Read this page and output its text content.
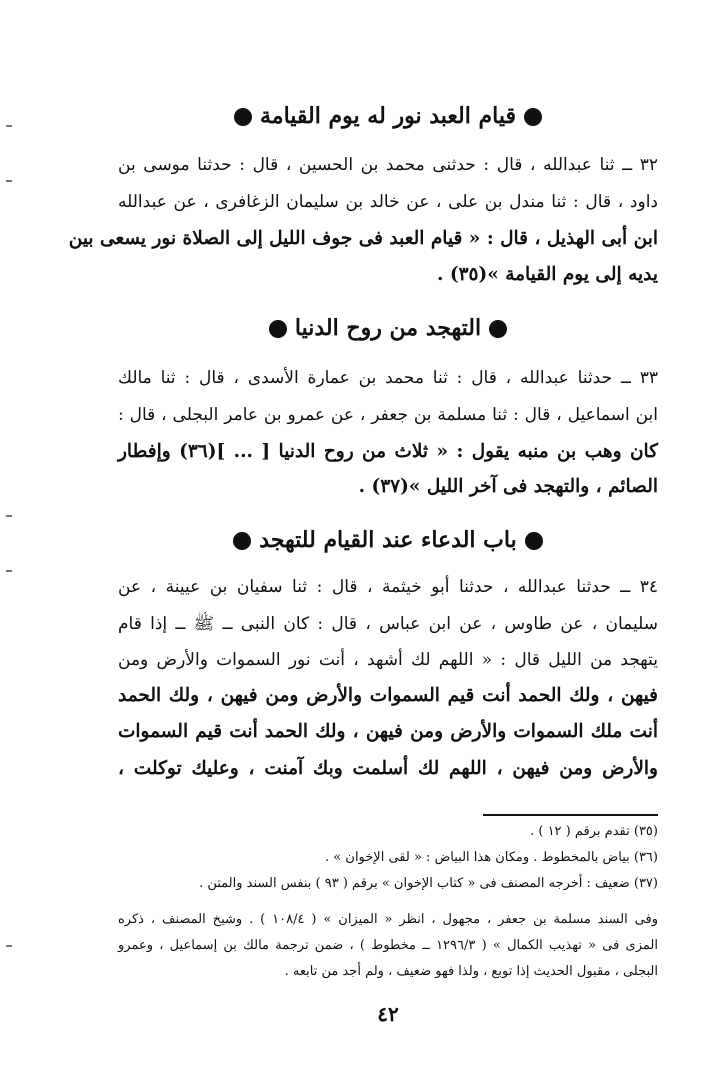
قيام العبد نور له يوم القيامة
٣٢ ــ ثنا عبدالله ، قال : حدثنى محمد بن الحسين ، قال : حدثنا موسى بن
داود ، قال : ثنا مندل بن على ، عن خالد بن سليمان الزغافرى ، عن عبدالله
ابن أبى الهذيل ، قال : « قيام العبد فى جوف الليل إلى الصلاة نور يسعى بين
يديه إلى يوم القيامة »(٣٥) .
التهجد من روح الدنيا
٣٣ ــ حدثنا عبدالله ، قال : ثنا محمد بن عمارة الأسدى ، قال : ثنا مالك
ابن اسماعيل ، قال : ثنا مسلمة بن جعفر ، عن عمرو بن عامر البجلى ، قال :
كان وهب بن منبه يقول : « ثلاث من روح الدنيا [ ... ](٣٦) وإفطار
الصائم ، والتهجد فى آخر الليل »(٣٧) .
باب الدعاء عند القيام للتهجد
٣٤ ــ حدثنا عبدالله ، حدثنا أبو خيثمة ، قال : ثنا سفيان بن عيينة ، عن
سليمان ، عن طاوس ، عن ابن عباس ، قال : كان النبى ــ ﷺ ــ إذا قام
يتهجد من الليل قال : « اللهم لك أشهد ، أنت نور السموات والأرض ومن
فيهن ، ولك الحمد أنت قيم السموات والأرض ومن فيهن ، ولك الحمد
أنت ملك السموات والأرض ومن فيهن ، ولك الحمد أنت قيم السموات
والأرض ومن فيهن ، اللهم لك أسلمت وبك آمنت ، وعليك توكلت ،
(٣٥) تقدم برقم ( ١٢ ) .
(٣٦) بياض بالمخطوط . ومكان هذا البياض : « لقى الإخوان » .
(٣٧) ضعيف : أخرجه المصنف فى « كتاب الإخوان » برقم ( ٩٣ ) بنفس السند والمتن .
وفى السند مسلمة بن جعفر ، مجهول ، انظر « الميزان » ( ١٠٨/٤ ) . وشيخ المصنف ، ذكره
المزى فى « تهذيب الكمال » ( ١٢٩٦/٣ ــ مخطوط ) ، ضمن ترجمة مالك بن إسماعيل ، وعمرو
البجلى ، مقبول الحديث إذا توبع ، ولذا فهو ضعيف ، ولم أجد من تابعه .
٤٢
